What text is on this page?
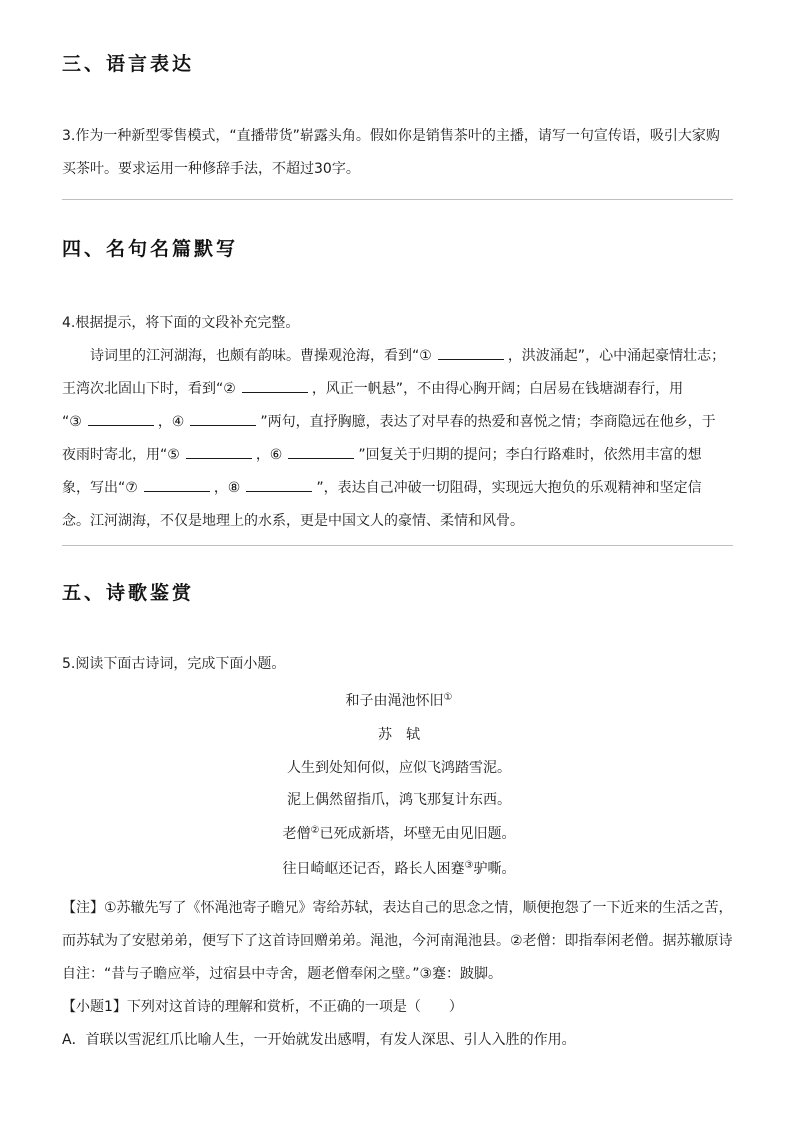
三、语言表达
3.作为一种新型零售模式，“直播带货”崭露头角。假如你是销售茶叶的主播，请写一句宣传语，吸引大家购
买茶叶。要求运用一种修辞手法，不超过30字。
四、名句名篇默写
4.根据提示，将下面的文段补充完整。
诗词里的江河湖海，也颇有韵味。曹操观沧海，看到“①	，洪波涌起”，心中涌起豪情壮志；
王湾次北固山下时，看到“②	，风正一帆悬”，不由得心胸开阔；白居易在钱塘湖春行，用
“③	，④	”两句，直抒胸臆，表达了对早春的热爱和喜悦之情；李商隐远在他乡，于
夜雨时寄北，用“⑤	，⑥	”回复关于归期的提问；李白行路难时，依然用丰富的想
象，写出“⑦	，⑧	”，表达自己冲破一切阻碍，实现远大抱负的乐观精神和坚定信
念。江河湖海，不仅是地理上的水系，更是中国文人的豪情、柔情和风骨。
五、诗歌鉴赏
5.阅读下面古诗词，完成下面小题。
和子由渑池怀旧①
苏　轼
人生到处知何似，应似飞鸿踏雪泥。
泥上偶然留指爪，鸿飞那复计东西。
老僧②已死成新塔，坏壁无由见旧题。
往日崎岖还记否，路长人困蹇③驴嘶。
【注】①苏辙先写了《怀渑池寄子瞻兄》寄给苏轼，表达自己的思念之情，顺便抱怨了一下近来的生活之苦，
而苏轼为了安慰弟弟，便写下了这首诗回赠弟弟。渑池，今河南渑池县。②老僧：即指奉闲老僧。据苏辙原诗
自注：“昔与子瞻应举，过宿县中寺舍，题老僧奉闲之壁。”③蹇：跛脚。
【小题1】下列对这首诗的理解和赏析，不正确的一项是（　　）
A．首联以雪泥红爪比喻人生，一开始就发出感喟，有发人深思、引人入胜的作用。
